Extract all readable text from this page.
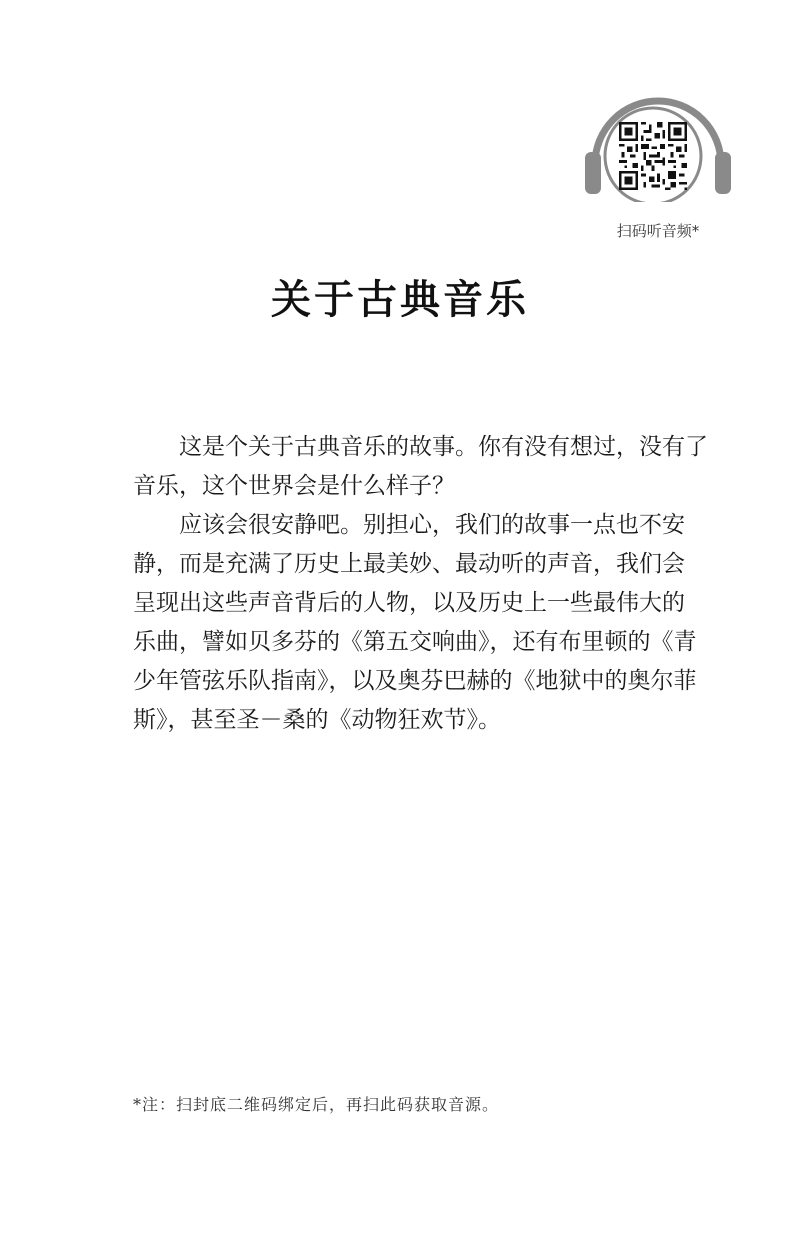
扫码听音频*
关于古典音乐

　　这是个关于古典音乐的故事。你有没有想过，没有了
音乐，这个世界会是什么样子？

　　应该会很安静吧。别担心，我们的故事一点也不安
静，而是充满了历史上最美妙、最动听的声音，我们会
呈现出这些声音背后的人物，以及历史上一些最伟大的
乐曲，譬如贝多芬的《第五交响曲》，还有布里顿的《青
少年管弦乐队指南》，以及奥芬巴赫的《地狱中的奥尔菲
斯》，甚至圣－桑的《动物狂欢节》。

*注：扫封底二维码绑定后，再扫此码获取音源。
